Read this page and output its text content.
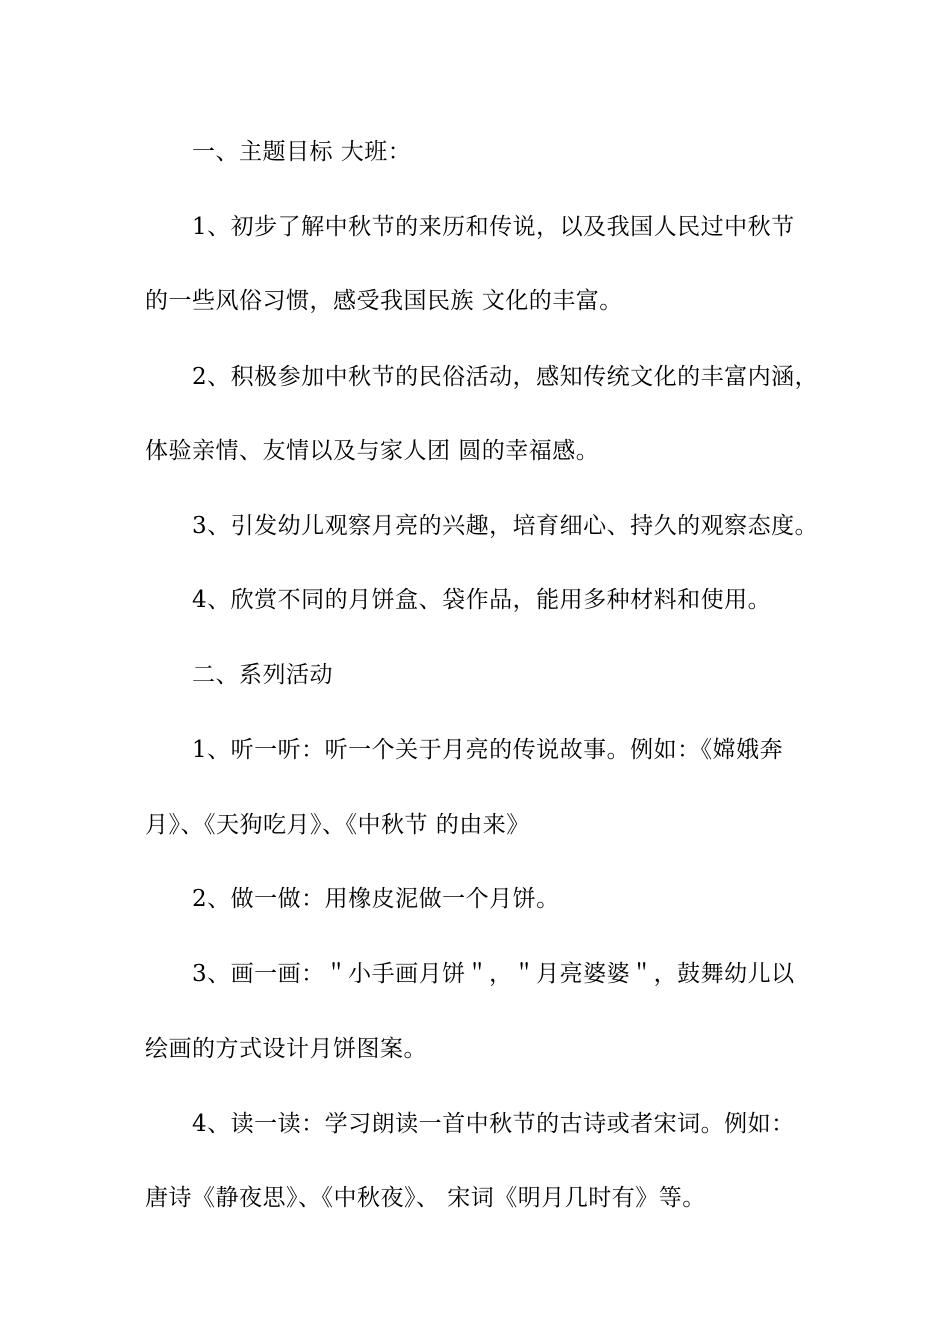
一、主题目标 大班：
1、初步了解中秋节的来历和传说，以及我国人民过中秋节
的一些风俗习惯，感受我国民族 文化的丰富。
2、积极参加中秋节的民俗活动，感知传统文化的丰富内涵，
体验亲情、友情以及与家人团 圆的幸福感。
3、引发幼儿观察月亮的兴趣，培育细心、持久的观察态度。
4、欣赏不同的月饼盒、袋作品，能用多种材料和使用。
二、系列活动
1、听一听：听一个关于月亮的传说故事。例如：《嫦娥奔
月》、《天狗吃月》、《中秋节 的由来》
2、做一做：用橡皮泥做一个月饼。
3、画一画：＂小手画月饼＂，＂月亮婆婆＂，鼓舞幼儿以
绘画的方式设计月饼图案。
4、读一读：学习朗读一首中秋节的古诗或者宋词。例如：
唐诗《静夜思》、《中秋夜》、 宋词《明月几时有》等。
